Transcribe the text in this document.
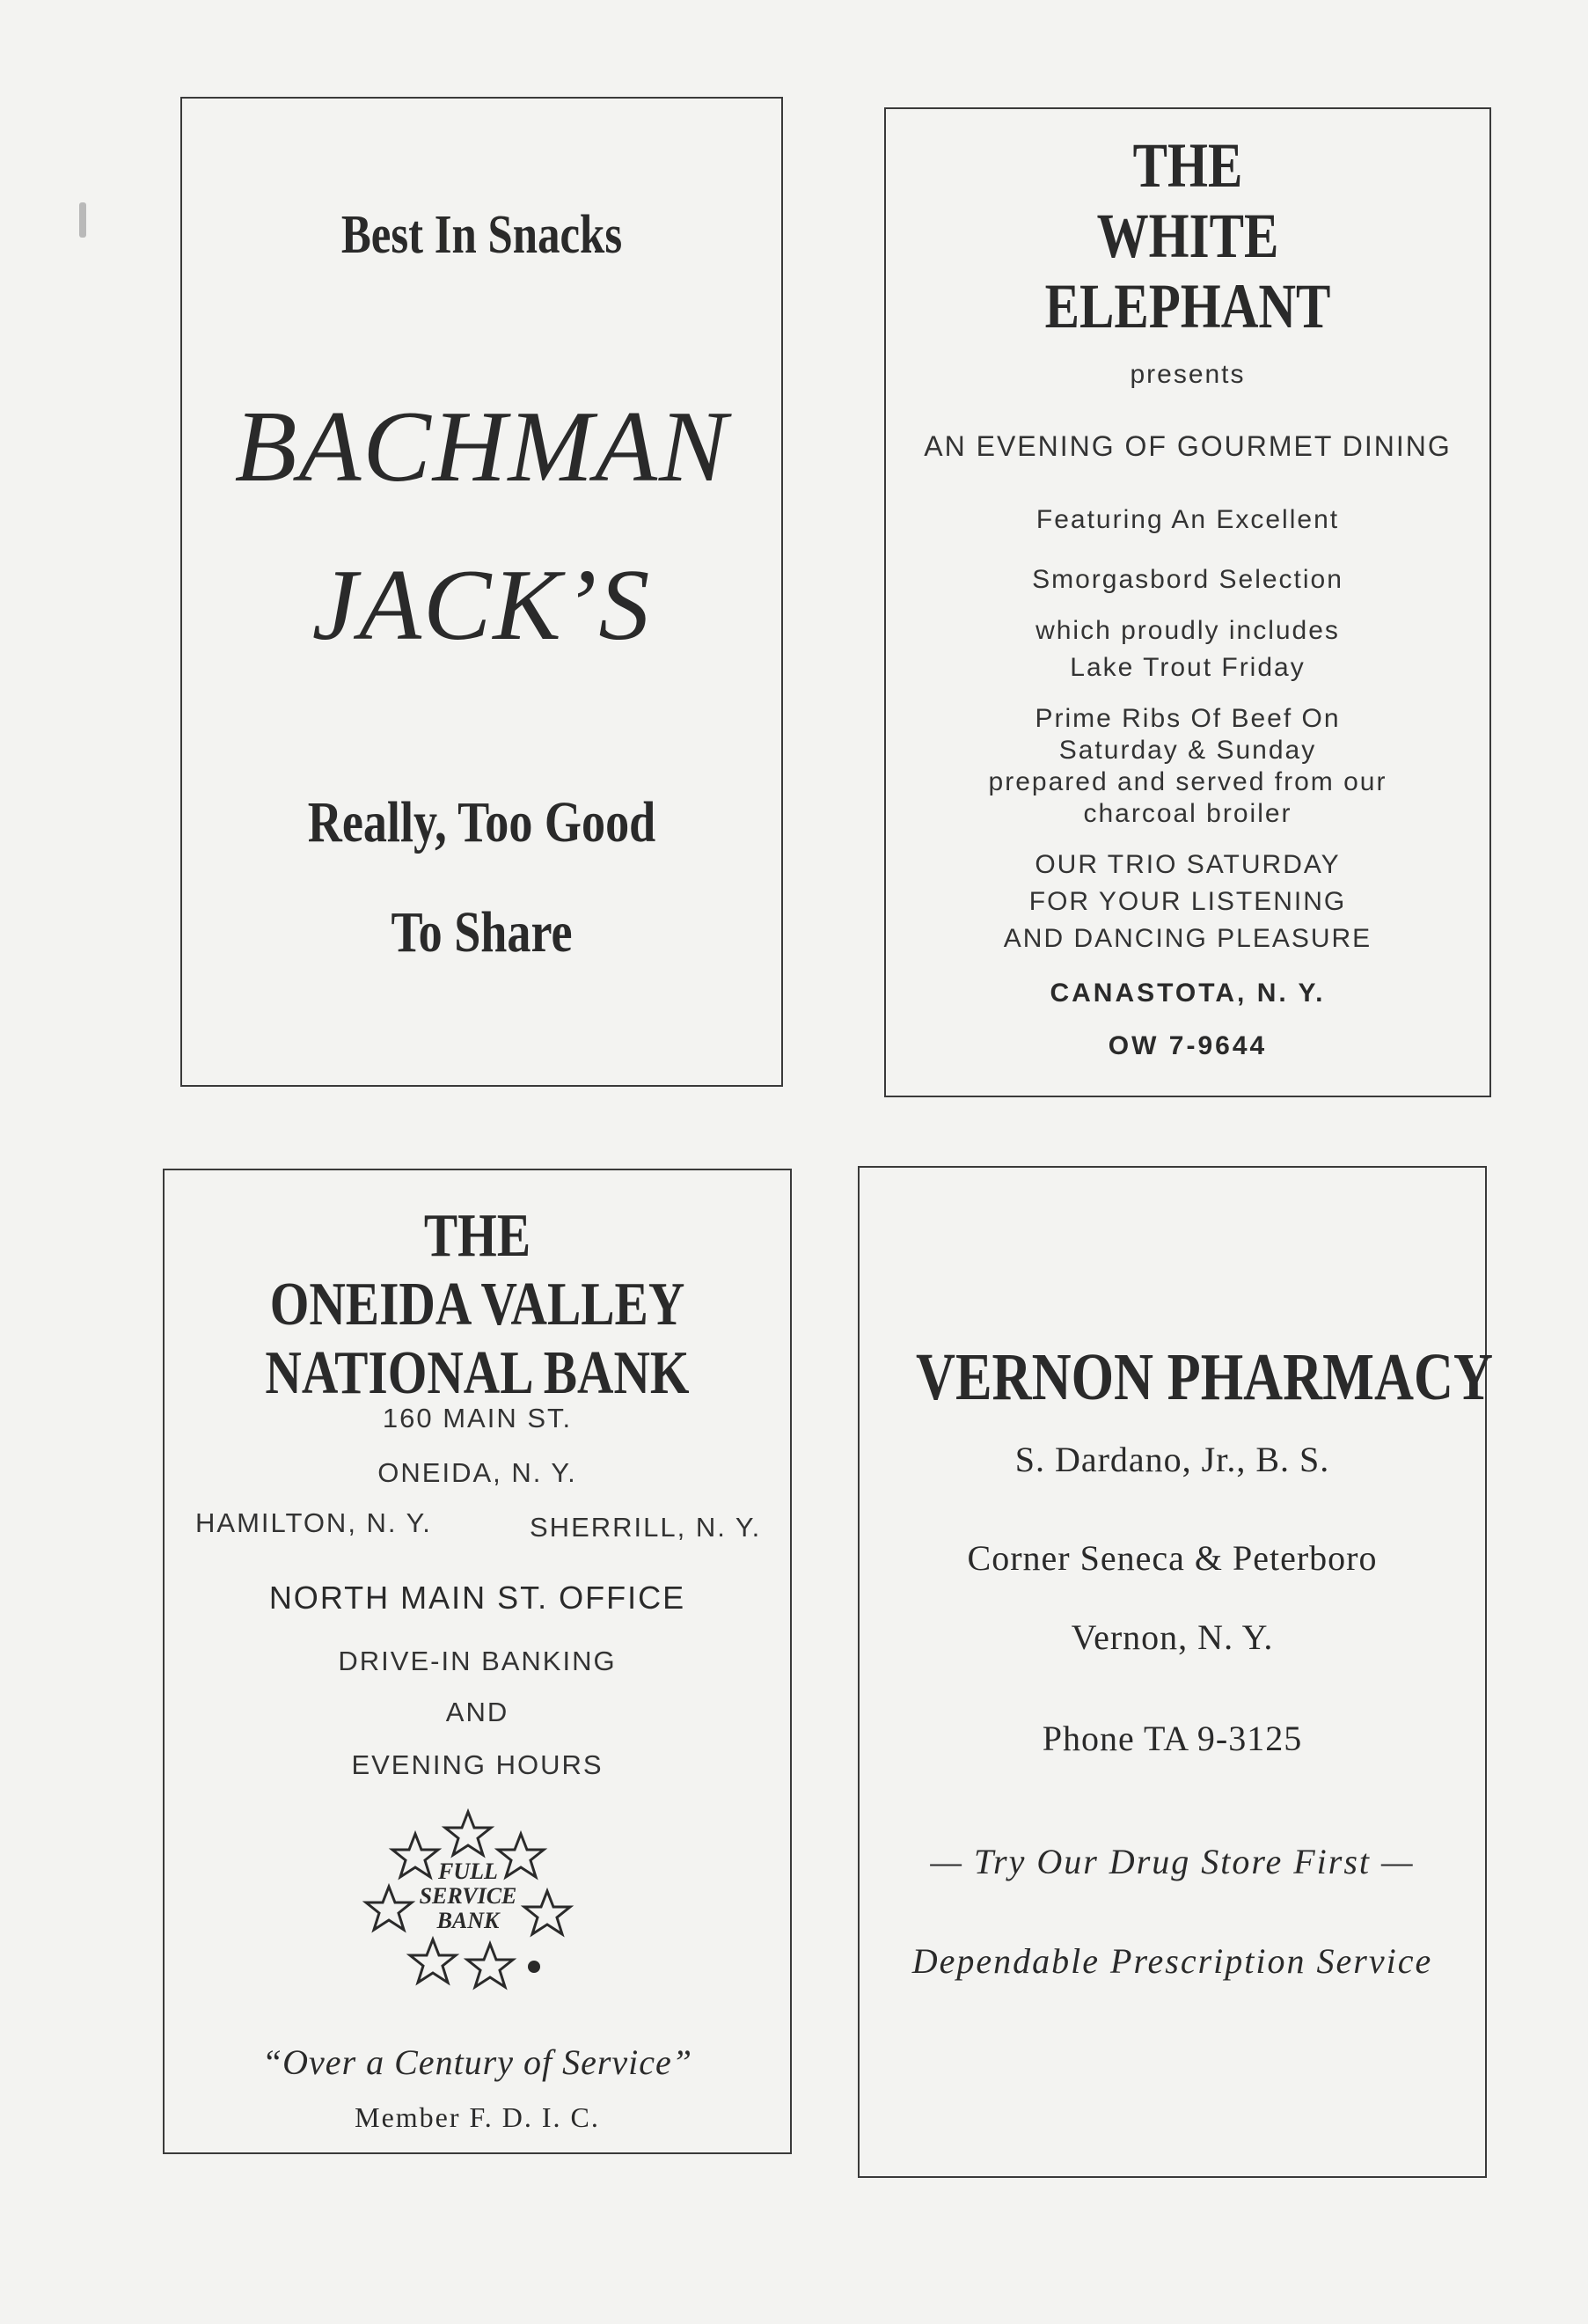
Best In Snacks
BACHMAN
JACK’S
Really, Too Good
To Share
THE
WHITE
ELEPHANT
presents
AN EVENING OF GOURMET DINING
Featuring An Excellent
Smorgasbord Selection
which proudly includes
Lake Trout Friday
Prime Ribs Of Beef On
Saturday & Sunday
prepared and served from our
charcoal broiler
OUR TRIO SATURDAY
FOR YOUR LISTENING
AND DANCING PLEASURE
CANASTOTA, N. Y.
OW 7-9644
THE
ONEIDA VALLEY
NATIONAL BANK
160 MAIN ST.
ONEIDA, N. Y.
HAMILTON, N. Y.	SHERRILL, N. Y.
NORTH MAIN ST. OFFICE
DRIVE-IN BANKING
AND
EVENING HOURS
FULL
SERVICE
BANK
“Over a Century of Service”
Member F. D. I. C.
VERNON PHARMACY
S. Dardano, Jr., B. S.
Corner Seneca & Peterboro
Vernon, N. Y.
Phone TA 9-3125
— Try Our Drug Store First —
Dependable Prescription Service
